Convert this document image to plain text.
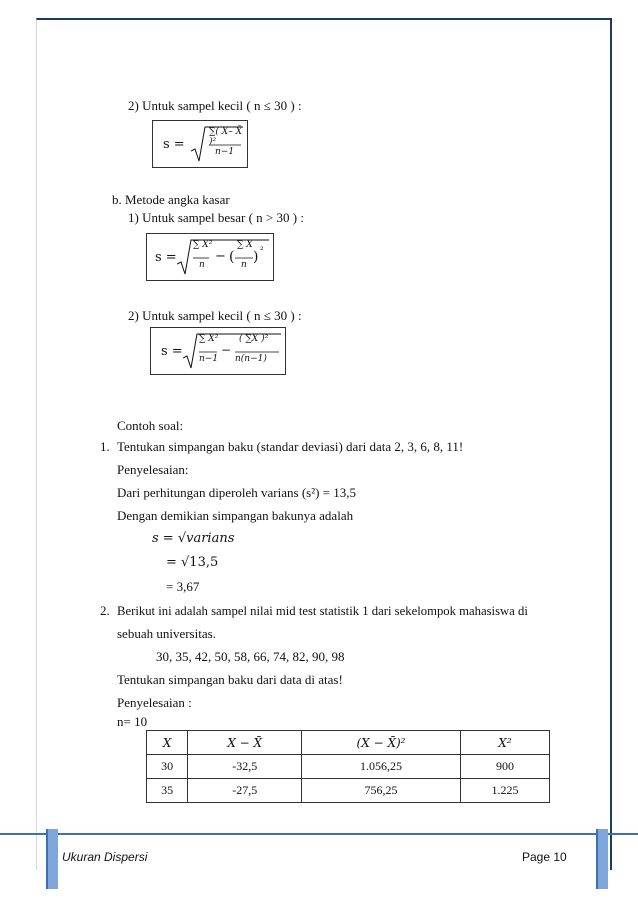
2) Untuk sampel kecil ( n ≤ 30 ) :
s =
∑( X– X̄ )²
n−1
b. Metode angka kasar
1) Untuk sampel besar ( n > 30 ) :
s =
∑ X²
n
− (
∑ X
n ) ²
2) Untuk sampel kecil ( n ≤ 30 ) :
s =
∑ X²
n−1
−
( ∑X )²
n(n−1)
Contoh soal:
1. Tentukan simpangan baku (standar deviasi) dari data 2, 3, 6, 8, 11!
Penyelesaian:
Dari perhitungan diperoleh varians (s²) = 13,5
Dengan demikian simpangan bakunya adalah
s = √varians
= √13,5
= 3,67
2. Berikut ini adalah sampel nilai mid test statistik 1 dari sekelompok mahasiswa di
sebuah universitas.
30, 35, 42, 50, 58, 66, 74, 82, 90, 98
Tentukan simpangan baku dari data di atas!
Penyelesaian :
n= 10
X	X − X̄	(X − X̄)²	X²
30	-32,5	1.056,25	900
35	-27,5	756,25	1.225
Ukuran Dispersi	Page 10
